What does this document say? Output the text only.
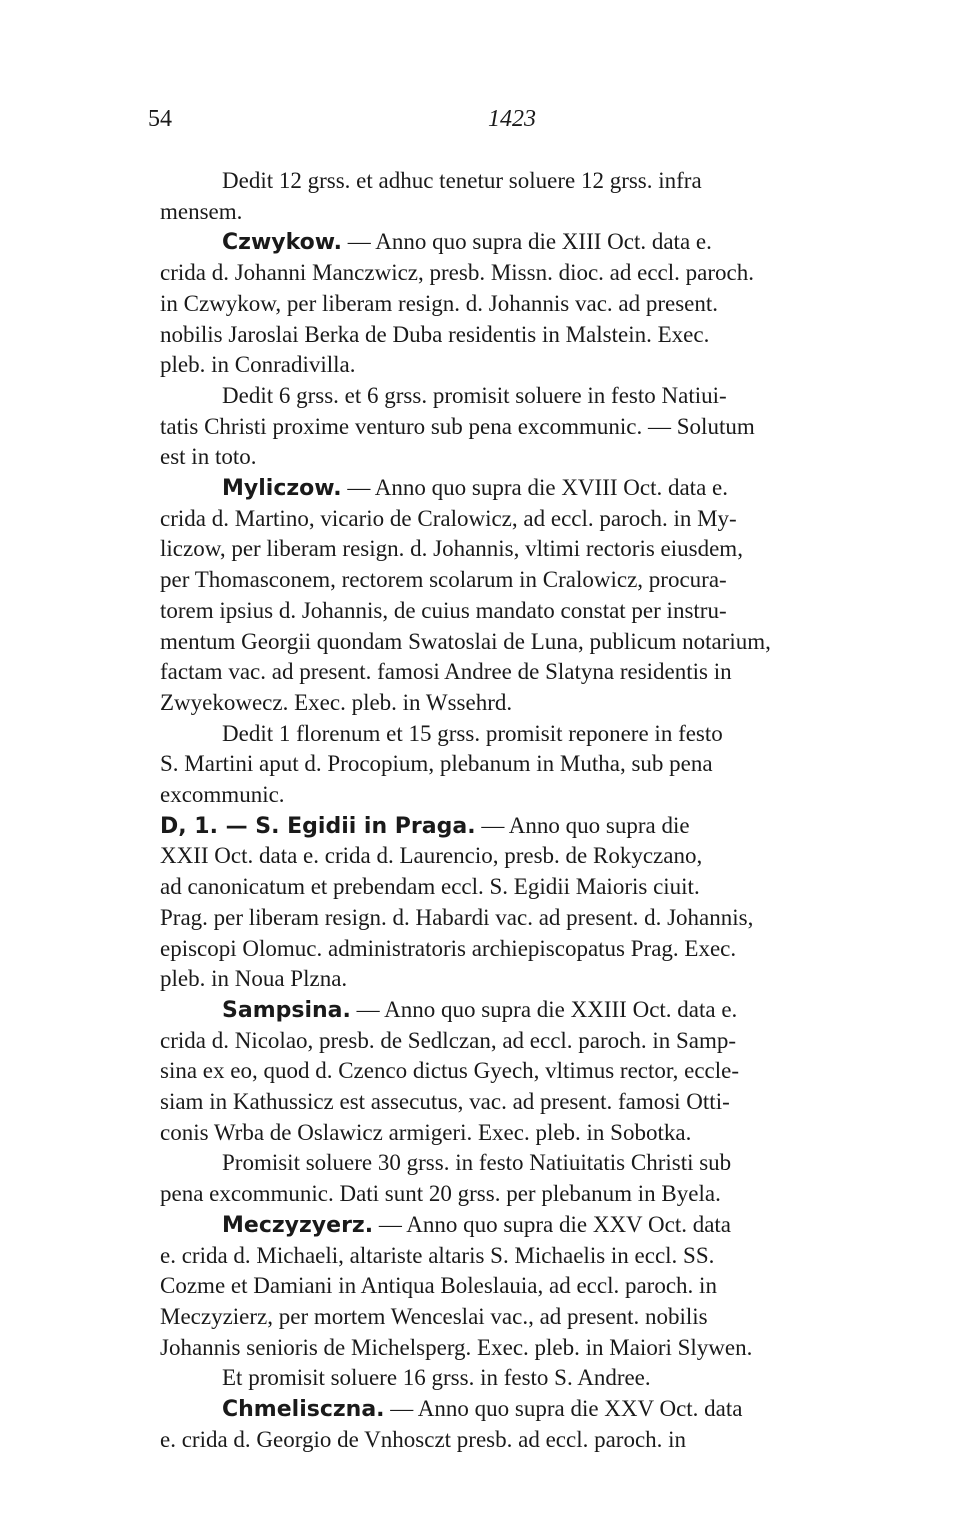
54	1423
Dedit 12 grss. et adhuc tenetur soluere 12 grss. infra
mensem.
Czwykow. — Anno quo supra die XIII Oct. data e.
crida d. Johanni Manczwicz, presb. Missn. dioc. ad eccl. paroch.
in Czwykow, per liberam resign. d. Johannis vac. ad present.
nobilis Jaroslai Berka de Duba residentis in Malstein. Exec.
pleb. in Conradivilla.
Dedit 6 grss. et 6 grss. promisit soluere in festo Natiui-
tatis Christi proxime venturo sub pena excommunic. — Solutum
est in toto.
Myliczow. — Anno quo supra die XVIII Oct. data e.
crida d. Martino, vicario de Cralowicz, ad eccl. paroch. in My-
liczow, per liberam resign. d. Johannis, vltimi rectoris eiusdem,
per Thomasconem, rectorem scolarum in Cralowicz, procura-
torem ipsius d. Johannis, de cuius mandato constat per instru-
mentum Georgii quondam Swatoslai de Luna, publicum notarium,
factam vac. ad present. famosi Andree de Slatyna residentis in
Zwyekowecz. Exec. pleb. in Wssehrd.
Dedit 1 florenum et 15 grss. promisit reponere in festo
S. Martini aput d. Procopium, plebanum in Mutha, sub pena
excommunic.
D, 1. — S. Egidii in Praga. — Anno quo supra die
XXII Oct. data e. crida d. Laurencio, presb. de Rokyczano,
ad canonicatum et prebendam eccl. S. Egidii Maioris ciuit.
Prag. per liberam resign. d. Habardi vac. ad present. d. Johannis,
episcopi Olomuc. administratoris archiepiscopatus Prag. Exec.
pleb. in Noua Plzna.
Sampsina. — Anno quo supra die XXIII Oct. data e.
crida d. Nicolao, presb. de Sedlczan, ad eccl. paroch. in Samp-
sina ex eo, quod d. Czenco dictus Gyech, vltimus rector, eccle-
siam in Kathussicz est assecutus, vac. ad present. famosi Otti-
conis Wrba de Oslawicz armigeri. Exec. pleb. in Sobotka.
Promisit soluere 30 grss. in festo Natiuitatis Christi sub
pena excommunic. Dati sunt 20 grss. per plebanum in Byela.
Meczyzyerz. — Anno quo supra die XXV Oct. data
e. crida d. Michaeli, altariste altaris S. Michaelis in eccl. SS.
Cozme et Damiani in Antiqua Boleslauia, ad eccl. paroch. in
Meczyzierz, per mortem Wenceslai vac., ad present. nobilis
Johannis senioris de Michelsperg. Exec. pleb. in Maiori Slywen.
Et promisit soluere 16 grss. in festo S. Andree.
Chmelisczna. — Anno quo supra die XXV Oct. data
e. crida d. Georgio de Vnhosczt presb. ad eccl. paroch. in
